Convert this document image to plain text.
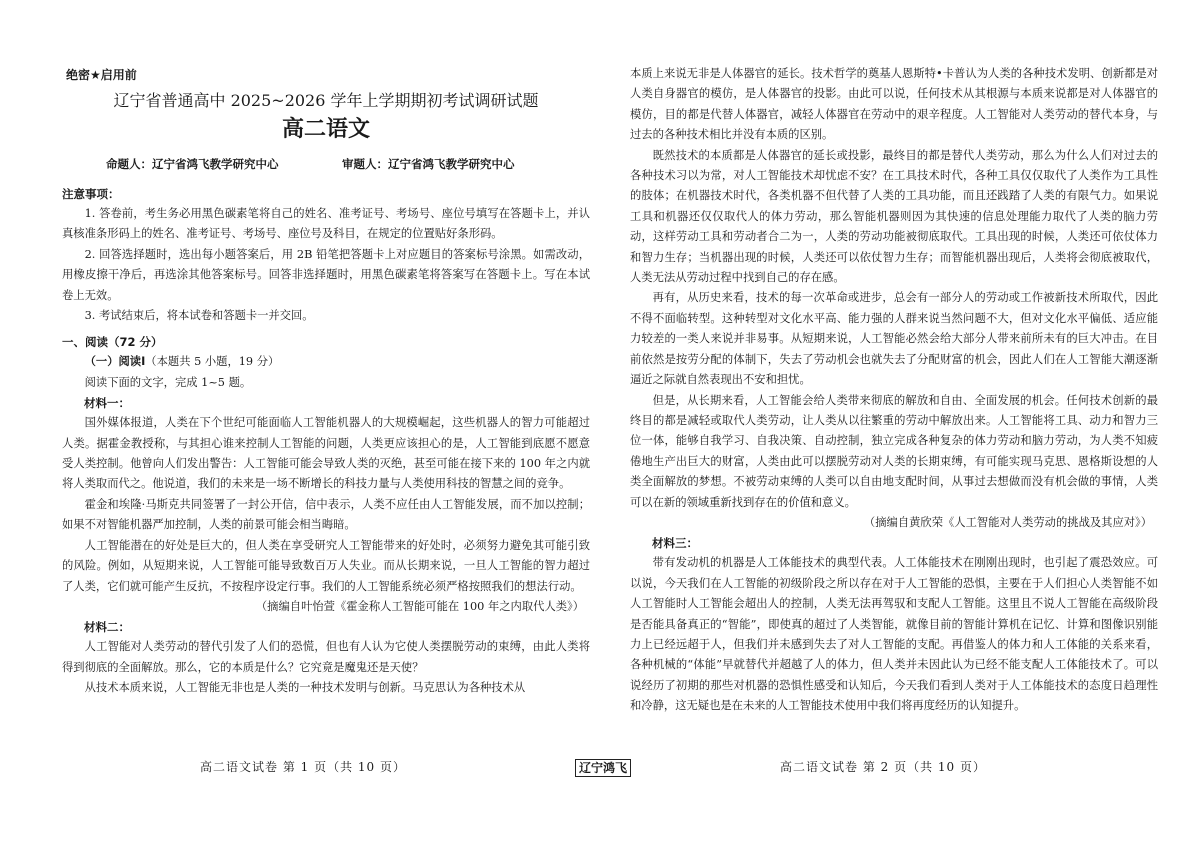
绝密★启用前
辽宁省普通高中 2025~2026 学年上学期期初考试调研试题
高二语文
命题人：辽宁省鸿飞教学研究中心	审题人：辽宁省鸿飞教学研究中心

注意事项：

1. 答卷前，考生务必用黑色碳素笔将自己的姓名、准考证号、考场号、座位号填写在答题卡上，并认真核准条形码上的姓名、准考证号、考场号、座位号及科目，在规定的位置贴好条形码。

2. 回答选择题时，选出每小题答案后，用 2B 铅笔把答题卡上对应题目的答案标号涂黑。如需改动，用橡皮擦干净后，再选涂其他答案标号。回答非选择题时，用黑色碳素笔将答案写在答题卡上。写在本试卷上无效。

3. 考试结束后，将本试卷和答题卡一并交回。

一、阅读（72 分）

（一）阅读Ⅰ（本题共 5 小题，19 分）

阅读下面的文字，完成 1~5 题。

材料一：

国外媒体报道，人类在下个世纪可能面临人工智能机器人的大规模崛起，这些机器人的智力可能超过人类。据霍金教授称，与其担心谁来控制人工智能的问题，人类更应该担心的是，人工智能到底愿不愿意受人类控制。他曾向人们发出警告：人工智能可能会导致人类的灭绝，甚至可能在接下来的 100 年之内就将人类取而代之。他说道，我们的未来是一场不断增长的科技力量与人类使用科技的智慧之间的竞争。

霍金和埃隆·马斯克共同签署了一封公开信，信中表示，人类不应任由人工智能发展，而不加以控制；如果不对智能机器严加控制，人类的前景可能会相当晦暗。

人工智能潜在的好处是巨大的，但人类在享受研究人工智能带来的好处时，必须努力避免其可能引致的风险。例如，从短期来说，人工智能可能导致数百万人失业。而从长期来说，一旦人工智能的智力超过了人类，它们就可能产生反抗，不按程序设定行事。我们的人工智能系统必须严格按照我们的想法行动。

（摘编自叶怡萱《霍金称人工智能可能在 100 年之内取代人类》）

材料二：

人工智能对人类劳动的替代引发了人们的恐慌，但也有人认为它使人类摆脱劳动的束缚，由此人类将得到彻底的全面解放。那么，它的本质是什么？它究竟是魔鬼还是天使？

从技术本质来说，人工智能无非也是人类的一种技术发明与创新。马克思认为各种技术从

高二语文试卷 第 1 页（共 10 页）	辽宁鸿飞

本质上来说无非是人体器官的延长。技术哲学的奠基人恩斯特•卡普认为人类的各种技术发明、创新都是对人类自身器官的模仿，是人体器官的投影。由此可以说，任何技术从其根源与本质来说都是对人体器官的模仿，目的都是代替人体器官，减轻人体器官在劳动中的艰辛程度。人工智能对人类劳动的替代本身，与过去的各种技术相比并没有本质的区别。

既然技术的本质都是人体器官的延长或投影，最终目的都是替代人类劳动，那么为什么人们对过去的各种技术习以为常，对人工智能技术却忧虑不安？在工具技术时代，各种工具仅仅取代了人类作为工具性的肢体；在机器技术时代，各类机器不但代替了人类的工具功能，而且还践踏了人类的有限气力。如果说工具和机器还仅仅取代人的体力劳动，那么智能机器则因为其快速的信息处理能力取代了人类的脑力劳动，这样劳动工具和劳动者合二为一，人类的劳动功能被彻底取代。工具出现的时候，人类还可依仗体力和智力生存；当机器出现的时候，人类还可以依仗智力生存；而智能机器出现后，人类将会彻底被取代，人类无法从劳动过程中找到自己的存在感。

再有，从历史来看，技术的每一次革命或进步，总会有一部分人的劳动或工作被新技术所取代，因此不得不面临转型。这种转型对文化水平高、能力强的人群来说当然问题不大，但对文化水平偏低、适应能力较差的一类人来说并非易事。从短期来说，人工智能必然会给大部分人带来前所未有的巨大冲击。在目前依然是按劳分配的体制下，失去了劳动机会也就失去了分配财富的机会，因此人们在人工智能大潮逐渐逼近之际就自然表现出不安和担忧。

但是，从长期来看，人工智能会给人类带来彻底的解放和自由、全面发展的机会。任何技术创新的最终目的都是减轻或取代人类劳动，让人类从以往繁重的劳动中解放出来。人工智能将工具、动力和智力三位一体，能够自我学习、自我决策、自动控制，独立完成各种复杂的体力劳动和脑力劳动，为人类不知疲倦地生产出巨大的财富，人类由此可以摆脱劳动对人类的长期束缚，有可能实现马克思、恩格斯设想的人类全面解放的梦想。不被劳动束缚的人类可以自由地支配时间，从事过去想做而没有机会做的事情，人类可以在新的领域重新找到存在的价值和意义。

（摘编自黄欣荣《人工智能对人类劳动的挑战及其应对》）

材料三：

带有发动机的机器是人工体能技术的典型代表。人工体能技术在刚刚出现时，也引起了震恐效应。可以说，今天我们在人工智能的初级阶段之所以存在对于人工智能的恐惧，主要在于人们担心人类智能不如人工智能时人工智能会超出人的控制，人类无法再驾驭和支配人工智能。这里且不说人工智能在高级阶段是否能具备真正的“智能”，即使真的超过了人类智能，就像目前的智能计算机在记忆、计算和图像识别能力上已经远超于人，但我们并未感到失去了对人工智能的支配。再借鉴人的体力和人工体能的关系来看，各种机械的“体能”早就替代并超越了人的体力，但人类并未因此认为已经不能支配人工体能技术了。可以说经历了初期的那些对机器的恐惧性感受和认知后，今天我们看到人类对于人工体能技术的态度日趋理性和冷静，这无疑也是在未来的人工智能技术使用中我们将再度经历的认知提升。

高二语文试卷 第 2 页（共 10 页）
